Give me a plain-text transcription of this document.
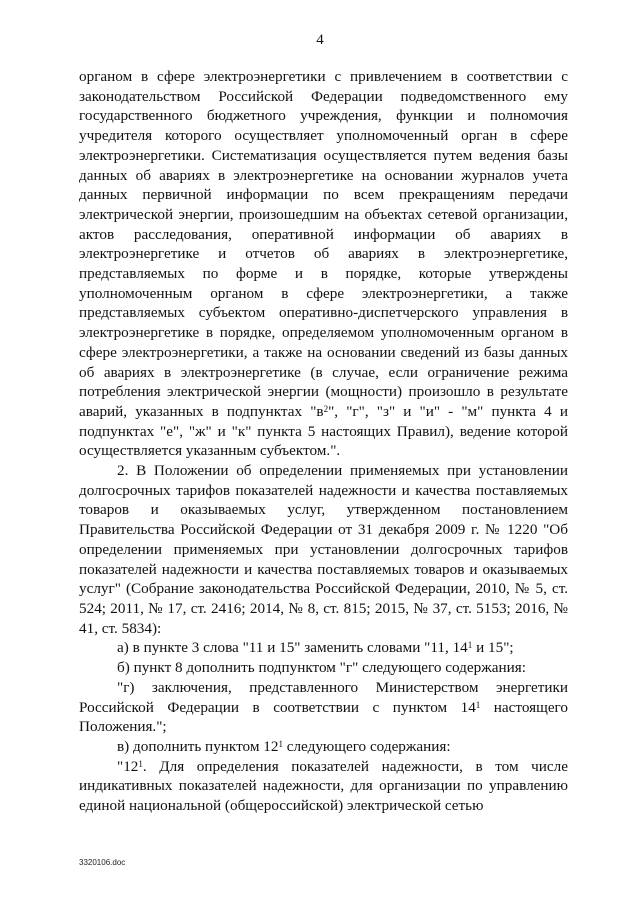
4

органом в сфере электроэнергетики с привлечением в соответствии с законодательством Российской Федерации подведомственного ему государственного бюджетного учреждения, функции и полномочия учредителя которого осуществляет уполномоченный орган в сфере электроэнергетики. Систематизация осуществляется путем ведения базы данных об авариях в электроэнергетике на основании журналов учета данных первичной информации по всем прекращениям передачи электрической энергии, произошедшим на объектах сетевой организации, актов расследования, оперативной информации об авариях в электроэнергетике и отчетов об авариях в электроэнергетике, представляемых по форме и в порядке, которые утверждены уполномоченным органом в сфере электроэнергетики, а также представляемых субъектом оперативно-диспетчерского управления в электроэнергетике в порядке, определяемом уполномоченным органом в сфере электроэнергетики, а также на основании сведений из базы данных об авариях в электроэнергетике (в случае, если ограничение режима потребления электрической энергии (мощности) произошло в результате аварий, указанных в подпунктах "$в^2$", "г", "з" и "и" - "м" пункта 4 и подпунктах "е", "ж" и "к" пункта 5 настоящих Правил), ведение которой осуществляется указанным субъектом.".

2. В Положении об определении применяемых при установлении долгосрочных тарифов показателей надежности и качества поставляемых товаров и оказываемых услуг, утвержденном постановлением Правительства Российской Федерации от 31 декабря 2009 г. № 1220 "Об определении применяемых при установлении долгосрочных тарифов показателей надежности и качества поставляемых товаров и оказываемых услуг" (Собрание законодательства Российской Федерации, 2010, № 5, ст. 524; 2011, № 17, ст. 2416; 2014, № 8, ст. 815; 2015, № 37, ст. 5153; 2016, № 41, ст. 5834):

а) в пункте 3 слова "11 и 15" заменить словами "11, $14^1$ и 15";

б) пункт 8 дополнить подпунктом "г" следующего содержания:

"г) заключения, представленного Министерством энергетики Российской Федерации в соответствии с пунктом $14^1$ настоящего Положения.";

в) дополнить пунктом $12^1$ следующего содержания:

"$12^1$. Для определения показателей надежности, в том числе индикативных показателей надежности, для организации по управлению единой национальной (общероссийской) электрической сетью

3320106.doc
